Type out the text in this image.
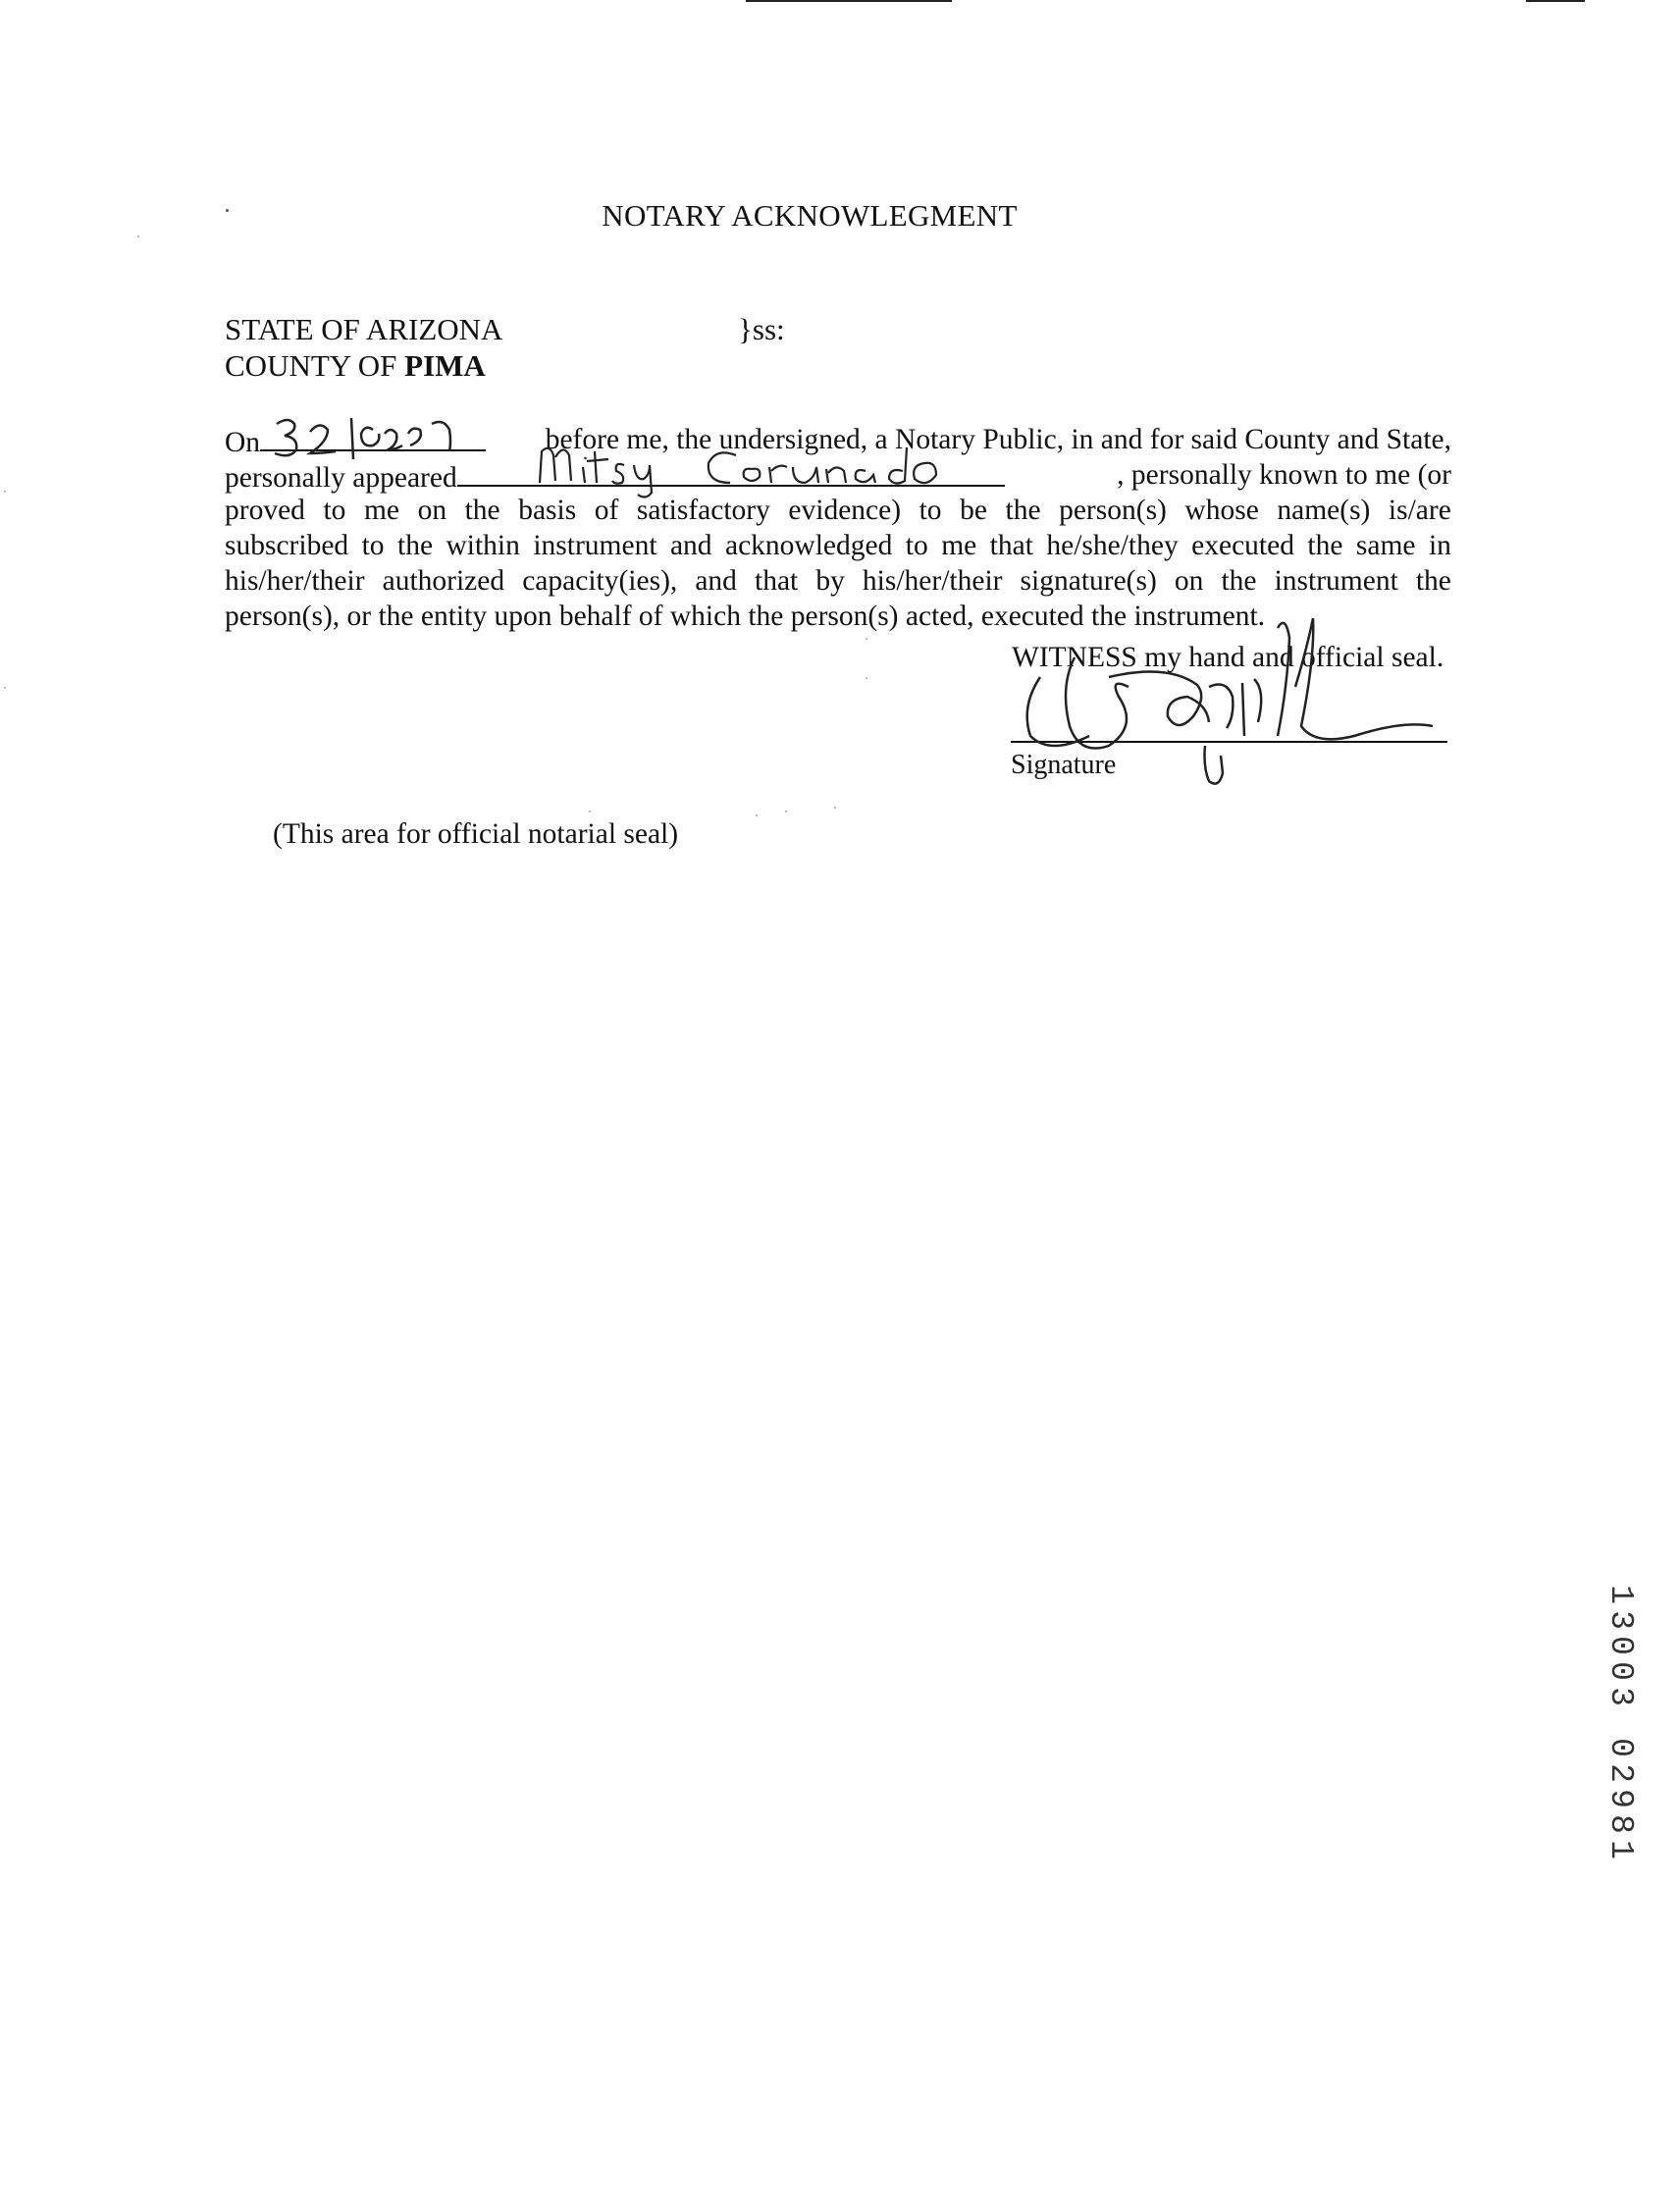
NOTARY ACKNOWLEGMENT
STATE OF ARIZONA	}ss:
COUNTY OF PIMA
On	before me, the undersigned, a Notary Public, in and for said County and State,
personally appeared	, personally known to me (or
proved to me on the basis of satisfactory evidence) to be the person(s) whose name(s) is/are
subscribed to the within instrument and acknowledged to me that he/she/they executed the same in
his/her/their authorized capacity(ies), and that by his/her/their signature(s) on the instrument the
person(s), or the entity upon behalf of which the person(s) acted, executed the instrument.
WITNESS my hand and official seal.
Signature
(This area for official notarial seal)
1
3
0
0
3

0
2
9
8
1
